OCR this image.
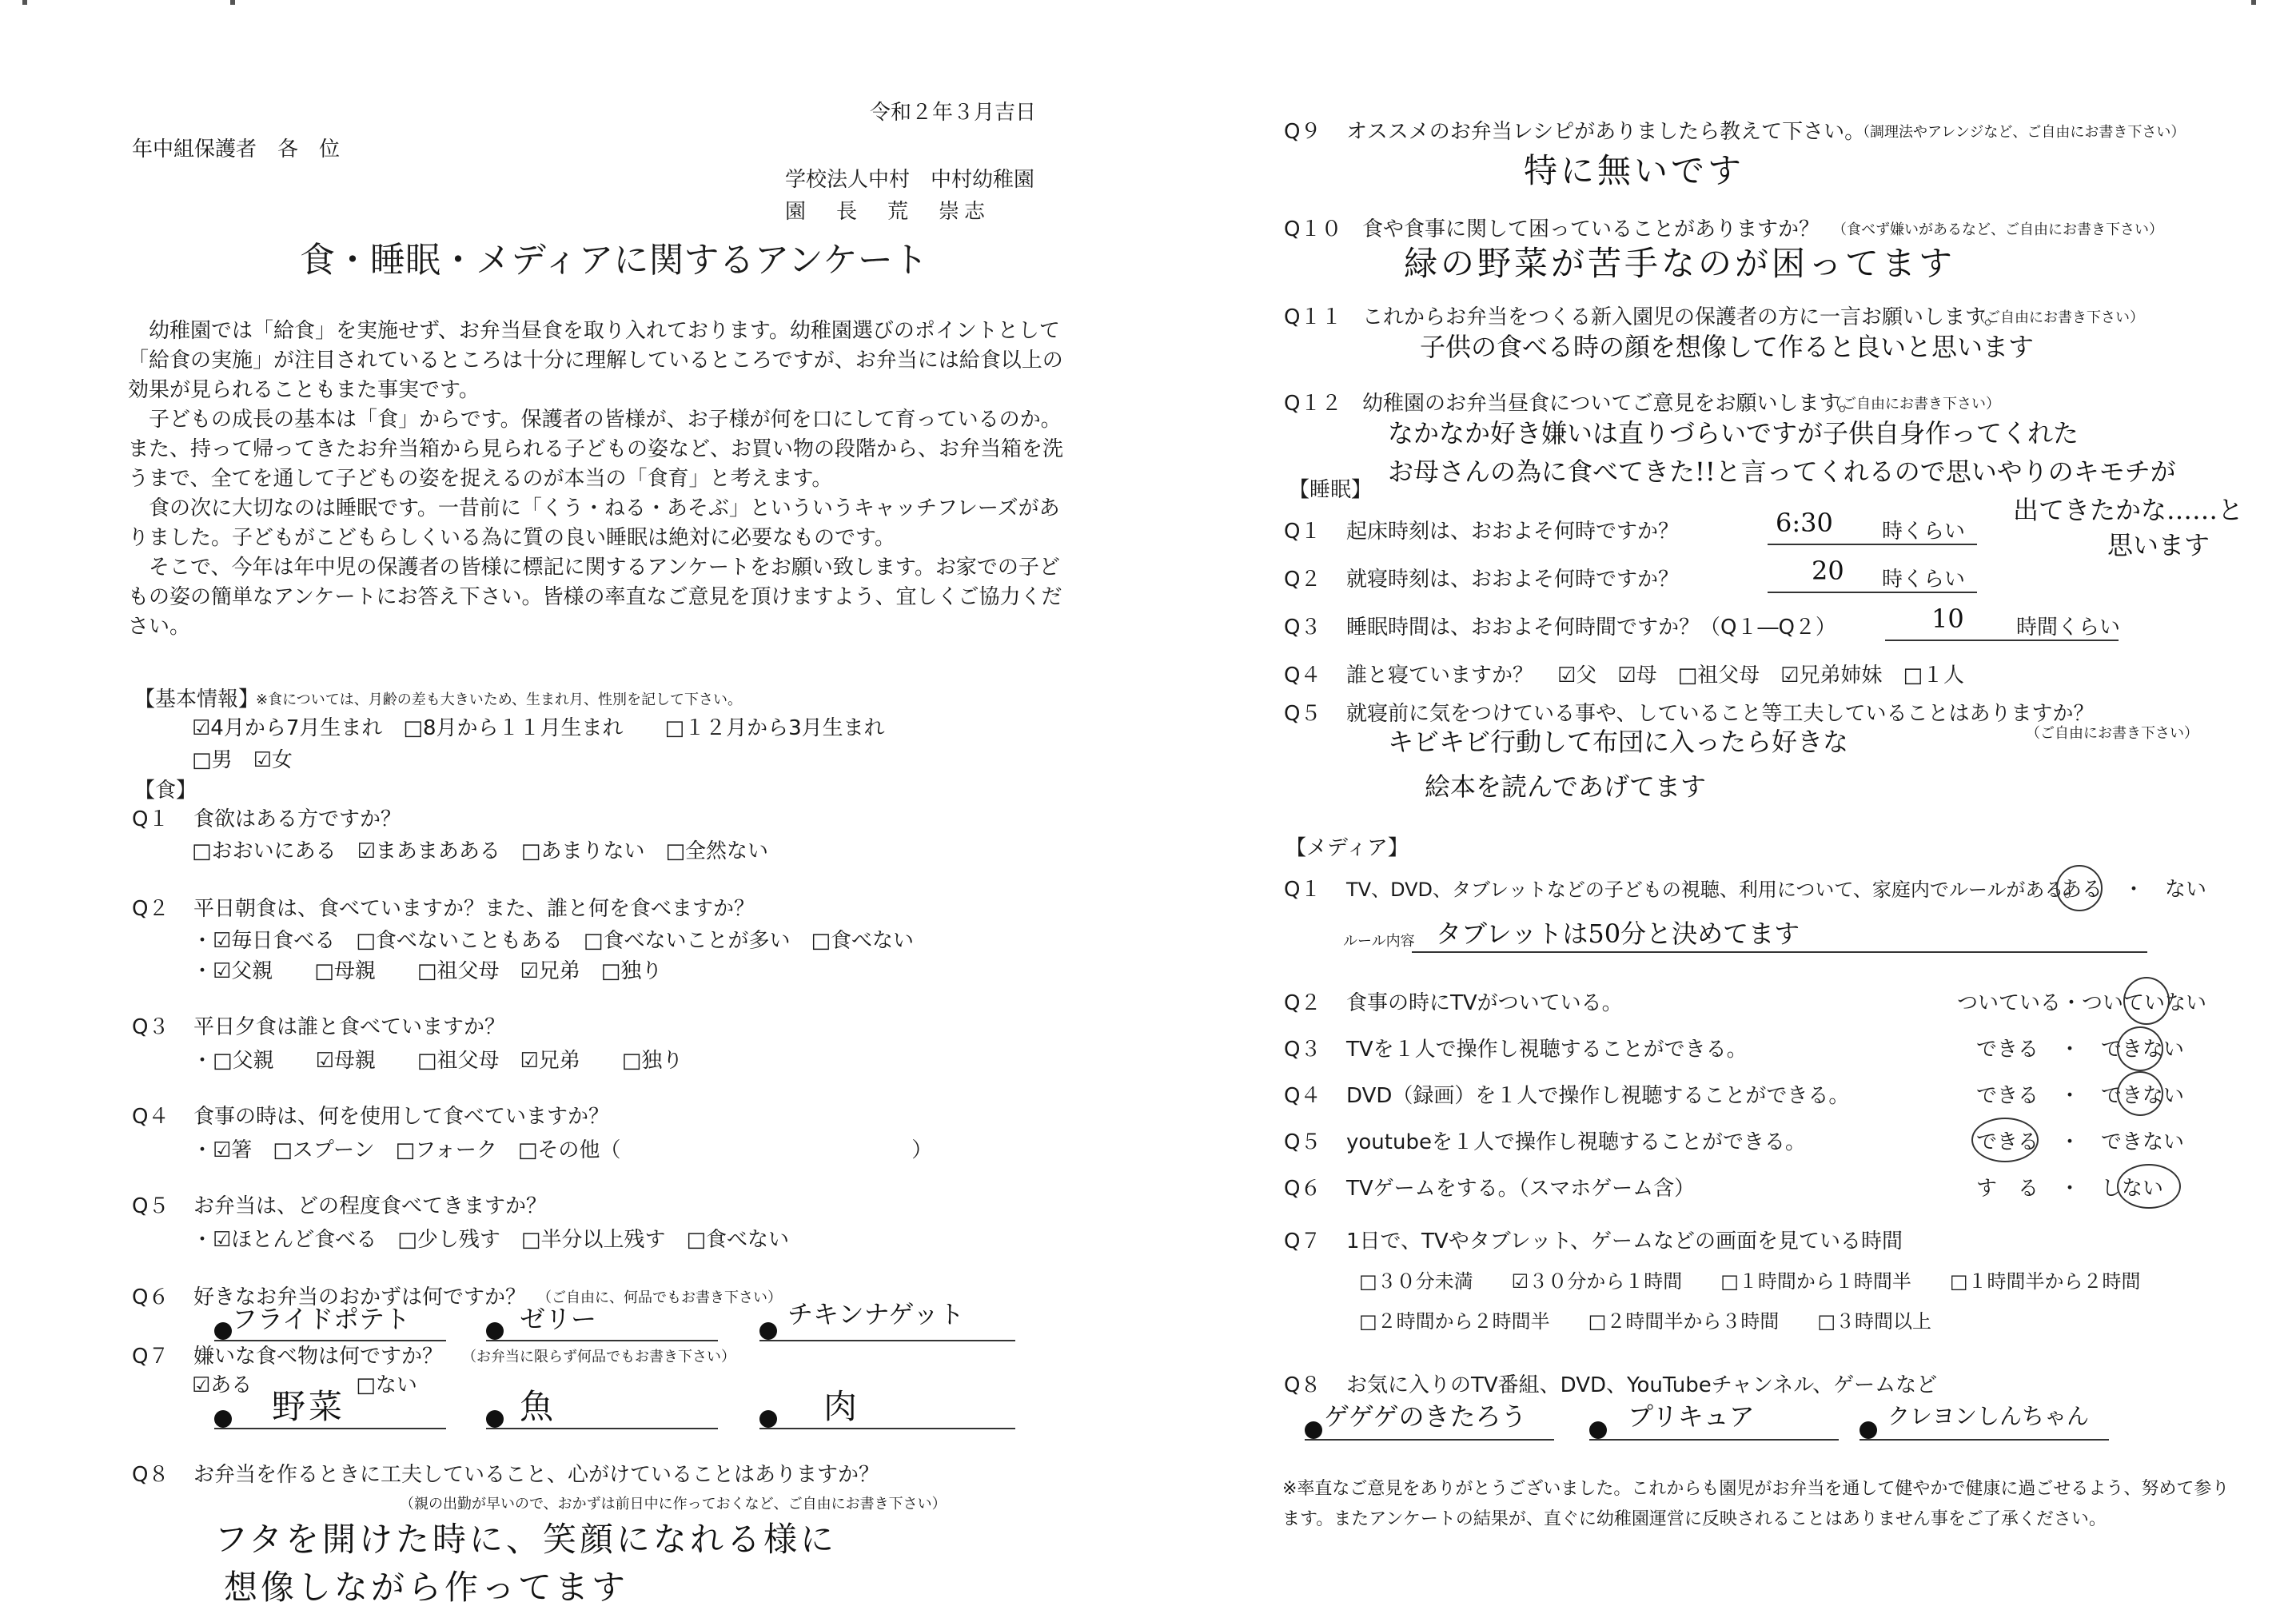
令和２年３月吉日
年中組保護者　各　位
学校法人中村　中村幼稚園
園　長　荒　崇志
食・睡眠・メディアに関するアンケート
　幼稚園では「給食」を実施せず、お弁当昼食を取り入れております。幼稚園選びのポイントとして「給食の実施」が注目されているところは十分に理解しているところですが、お弁当には給食以上の効果が見られることもまた事実です。
　子どもの成長の基本は「食」からです。保護者の皆様が、お子様が何を口にして育っているのか。また、持って帰ってきたお弁当箱から見られる子どもの姿など、お買い物の段階から、お弁当箱を洗うまで、全てを通して子どもの姿を捉えるのが本当の「食育」と考えます。
　食の次に大切なのは睡眠です。一昔前に「くう・ねる・あそぶ」といういうキャッチフレーズがありました。子どもがこどもらしくいる為に質の良い睡眠は絶対に必要なものです。
　そこで、今年は年中児の保護者の皆様に標記に関するアンケートをお願い致します。お家での子どもの姿の簡単なアンケートにお答え下さい。皆様の率直なご意見を頂けますよう、宜しくご協力ください。
【基本情報】
※食については、月齢の差も大きいため、生まれ月、性別を記して下さい。
☑4月から7月生まれ　□8月から１１月生まれ　　□１２月から3月生まれ
□男　☑女
【食】
Q１ 食欲はある方ですか？
□おおいにある　☑まあまあある　□あまりない　□全然ない
Q２ 平日朝食は、食べていますか？また、誰と何を食べますか？
・☑毎日食べる　□食べないこともある　□食べないことが多い　□食べない
・☑父親　　□母親　　□祖父母　☑兄弟　□独り
Q３ 平日夕食は誰と食べていますか？
・□父親　　☑母親　　□祖父母　☑兄弟　　□独り
Q４ 食事の時は、何を使用して食べていますか？
・☑箸　□スプーン　□フォーク　□その他（　　　　　　　　　　　　　　）
Q５ お弁当は、どの程度食べてきますか？
・☑ほとんど食べる　□少し残す　□半分以上残す　□食べない
Q６ 好きなお弁当のおかずは何ですか？ （ご自由に、何品でもお書き下さい）
フライドポテト	ゼリー	チキンナゲット
Q７ 嫌いな食べ物は何ですか？ （お弁当に限らず何品でもお書き下さい）
☑ある　　　　　□ない
野菜	魚	肉
Q８ お弁当を作るときに工夫していること、心がけていることはありますか？
（親の出勤が早いので、おかずは前日中に作っておくなど、ご自由にお書き下さい）
フタを開けた時に、笑顔になれる様に
想像しながら作ってます
Q９ オススメのお弁当レシピがありましたら教えて下さい。
（調理法やアレンジなど、ご自由にお書き下さい）
特に無いです
Q１０ 食や食事に関して困っていることがありますか？ （食べず嫌いがあるなど、ご自由にお書き下さい）
緑の野菜が苦手なのが困ってます
Q１１ これからお弁当をつくる新入園児の保護者の方に一言お願いします。
（ご自由にお書き下さい）
子供の食べる時の顔を想像して作ると良いと思います
Q１２ 幼稚園のお弁当昼食についてご意見をお願いします。
（ご自由にお書き下さい）
なかなか好き嫌いは直りづらいですが子供自身作ってくれた
お母さんの為に食べてきた!!と言ってくれるので思いやりのキモチが
出てきたかな……と
思います
【睡眠】
Q１ 起床時刻は、おおよそ何時ですか？	6:30 時くらい
Q２ 就寝時刻は、おおよそ何時ですか？	20 時くらい
Q３ 睡眠時間は、おおよそ何時間ですか？（Q１―Q２）	10	時間くらい
Q４ 誰と寝ていますか？ ☑父　☑母　□祖父母　☑兄弟姉妹　□１人
Q５ 就寝前に気をつけている事や、していること等工夫していることはありますか？
（ご自由にお書き下さい）
キビキビ行動して布団に入ったら好きな
絵本を読んであげてます
【メディア】
Q１ TV、DVD、タブレットなどの子どもの視聴、利用について、家庭内でルールがある。
ある　・　ない
ルール内容 タブレットは50分と決めてます
Q２ 食事の時にTVがついている。	ついている・ついていない
Q３ TVを１人で操作し視聴することができる。	できる　・　できない
Q４ DVD（録画）を１人で操作し視聴することができる。	できる　・　できない
Q５ youtubeを１人で操作し視聴することができる。	できる　・　できない
Q６ TVゲームをする。（スマホゲーム含）	す　る　・　しない
Q７ 1日で、TVやタブレット、ゲームなどの画面を見ている時間
□３０分未満　　☑３０分から１時間　　□１時間から１時間半　　□１時間半から２時間
□２時間から２時間半　　□２時間半から３時間　　□３時間以上
Q８ お気に入りのTV番組、DVD、YouTubeチャンネル、ゲームなど
ゲゲゲのきたろう	プリキュア	クレヨンしんちゃん
※率直なご意見をありがとうございました。これからも園児がお弁当を通して健やかで健康に過ごせるよう、努めて参り
ます。またアンケートの結果が、直ぐに幼稚園運営に反映されることはありません事をご了承ください。
